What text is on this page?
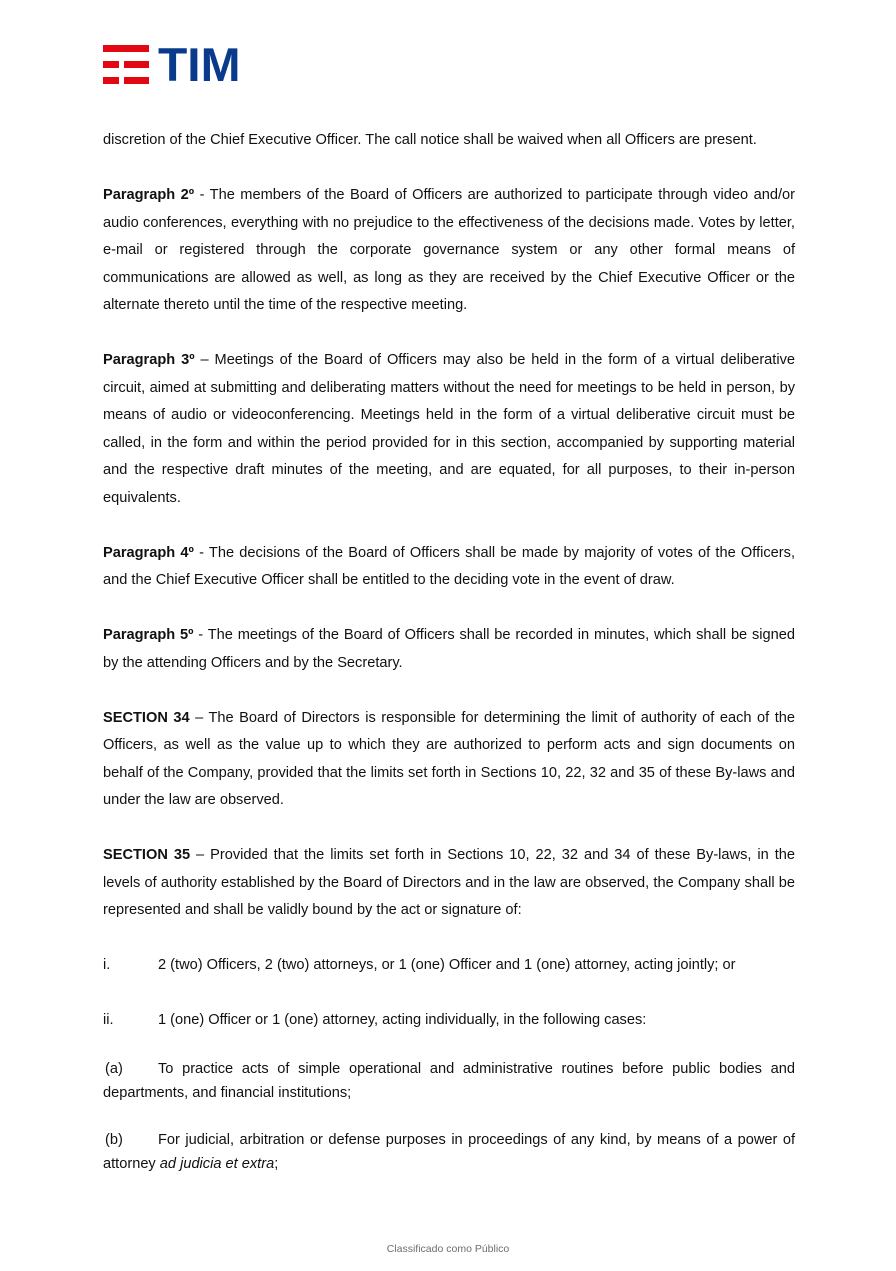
TIM

discretion of the Chief Executive Officer. The call notice shall be waived when all Officers are present.

Paragraph 2º - The members of the Board of Officers are authorized to participate through video and/or audio conferences, everything with no prejudice to the effectiveness of the decisions made. Votes by letter, e-mail or registered through the corporate governance system or any other formal means of communications are allowed as well, as long as they are received by the Chief Executive Officer or the alternate thereto until the time of the respective meeting.

Paragraph 3º – Meetings of the Board of Officers may also be held in the form of a virtual deliberative circuit, aimed at submitting and deliberating matters without the need for meetings to be held in person, by means of audio or videoconferencing. Meetings held in the form of a virtual deliberative circuit must be called, in the form and within the period provided for in this section, accompanied by supporting material and the respective draft minutes of the meeting, and are equated, for all purposes, to their in-person equivalents.

Paragraph 4º - The decisions of the Board of Officers shall be made by majority of votes of the Officers, and the Chief Executive Officer shall be entitled to the deciding vote in the event of draw.

Paragraph 5º - The meetings of the Board of Officers shall be recorded in minutes, which shall be signed by the attending Officers and by the Secretary.

SECTION 34 – The Board of Directors is responsible for determining the limit of authority of each of the Officers, as well as the value up to which they are authorized to perform acts and sign documents on behalf of the Company, provided that the limits set forth in Sections 10, 22, 32 and 35 of these By-laws and under the law are observed.

SECTION 35 – Provided that the limits set forth in Sections 10, 22, 32 and 34 of these By-laws, in the levels of authority established by the Board of Directors and in the law are observed, the Company shall be represented and shall be validly bound by the act or signature of:

i.	2 (two) Officers, 2 (two) attorneys, or 1 (one) Officer and 1 (one) attorney, acting jointly; or

ii.	1 (one) Officer or 1 (one) attorney, acting individually, in the following cases:

(a) To practice acts of simple operational and administrative routines before public bodies and departments, and financial institutions;

(b) For judicial, arbitration or defense purposes in proceedings of any kind, by means of a power of attorney ad judicia et extra;

Classificado como Público
